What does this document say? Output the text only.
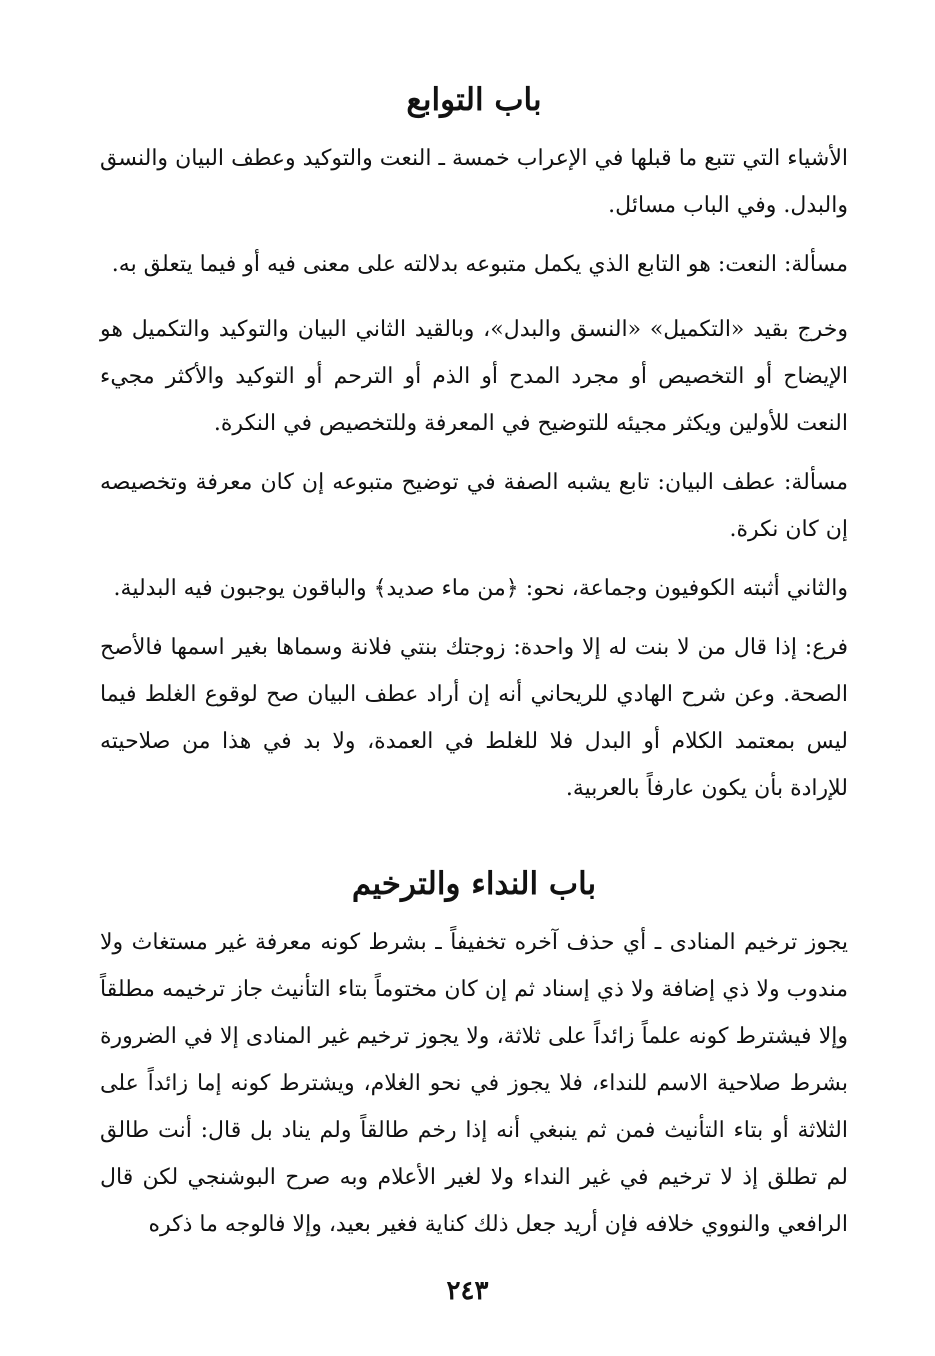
باب التوابع

الأشياء التي تتبع ما قبلها في الإعراب خمسة ـ النعت والتوكيد وعطف البيان والنسق والبدل. وفي الباب مسائل.

مسألة: النعت: هو التابع الذي يكمل متبوعه بدلالته على معنى فيه أو فيما يتعلق به.

وخرج بقيد «التكميل» «النسق والبدل»، وبالقيد الثاني البيان والتوكيد والتكميل هو الإيضاح أو التخصيص أو مجرد المدح أو الذم أو الترحم أو التوكيد والأكثر مجيء النعت للأولين ويكثر مجيئه للتوضيح في المعرفة وللتخصيص في النكرة.

مسألة: عطف البيان: تابع يشبه الصفة في توضيح متبوعه إن كان معرفة وتخصيصه إن كان نكرة.

والثاني أثبته الكوفيون وجماعة، نحو: ﴿من ماء صديد﴾ والباقون يوجبون فيه البدلية.

فرع: إذا قال من لا بنت له إلا واحدة: زوجتك بنتي فلانة وسماها بغير اسمها فالأصح الصحة. وعن شرح الهادي للريحاني أنه إن أراد عطف البيان صح لوقوع الغلط فيما ليس بمعتمد الكلام أو البدل فلا للغلط في العمدة، ولا بد في هذا من صلاحيته للإرادة بأن يكون عارفاً بالعربية.

باب النداء والترخيم

يجوز ترخيم المنادى ـ أي حذف آخره تخفيفاً ـ بشرط كونه معرفة غير مستغاث ولا مندوب ولا ذي إضافة ولا ذي إسناد ثم إن كان مختوماً بتاء التأنيث جاز ترخيمه مطلقاً وإلا فيشترط كونه علماً زائداً على ثلاثة، ولا يجوز ترخيم غير المنادى إلا في الضرورة بشرط صلاحية الاسم للنداء، فلا يجوز في نحو الغلام، ويشترط كونه إما زائداً على الثلاثة أو بتاء التأنيث فمن ثم ينبغي أنه إذا رخم طالقاً ولم يناد بل قال: أنت طالق لم تطلق إذ لا ترخيم في غير النداء ولا لغير الأعلام وبه صرح البوشنجي لكن قال الرافعي والنووي خلافه فإن أريد جعل ذلك كناية فغير بعيد، وإلا فالوجه ما ذكره

٢٤٣
